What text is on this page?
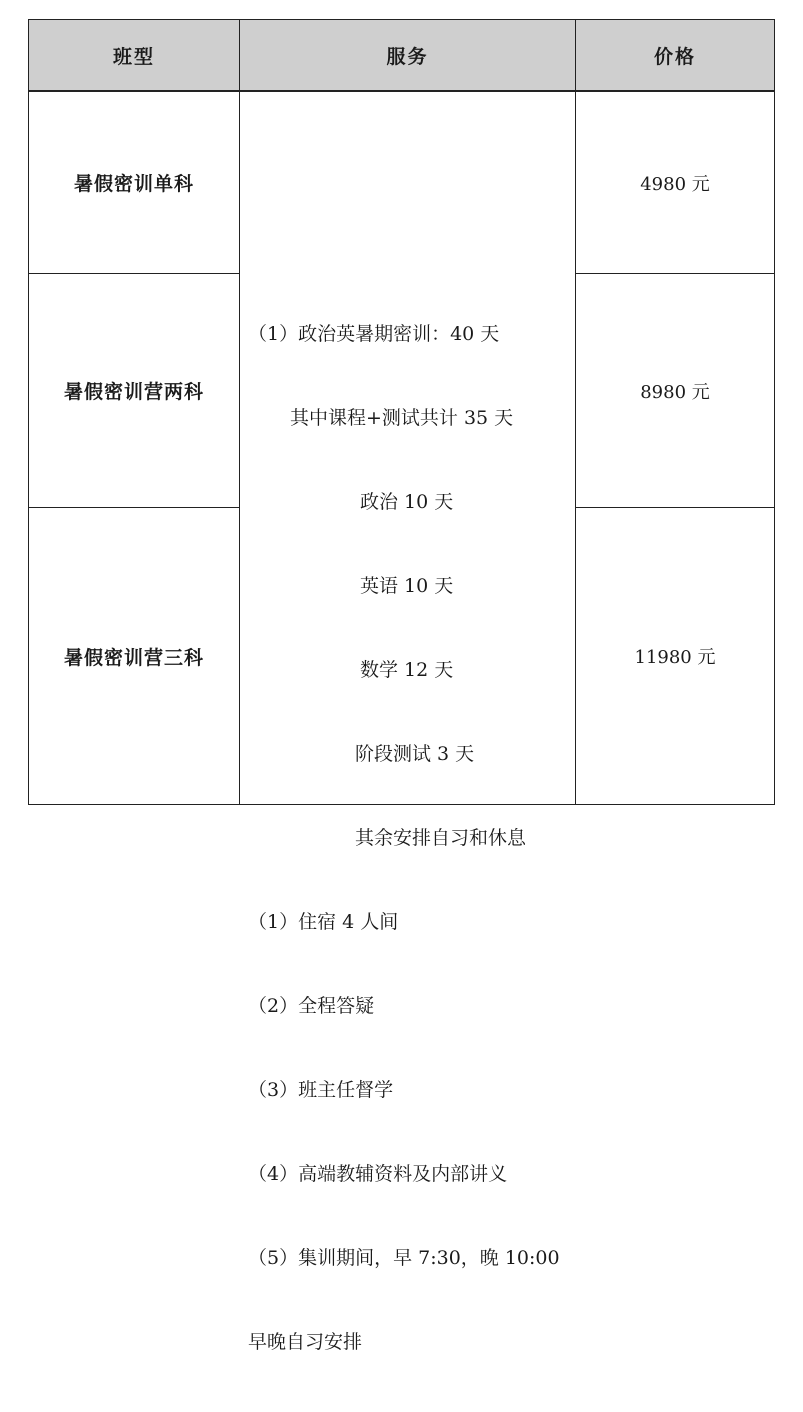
班型	服务	价格
暑假密训单科
暑假密训营两科
暑假密训营三科

（1）政治英暑期密训：40 天

其中课程+测试共计 35 天

政治 10 天

英语 10 天

数学 12 天

阶段测试 3 天

其余安排自习和休息

（1）住宿 4 人间

（2）全程答疑

（3）班主任督学

（4）高端教辅资料及内部讲义

（5）集训期间，早 7:30，晚 10:00

早晚自习安排

4980 元
8980 元
11980 元
